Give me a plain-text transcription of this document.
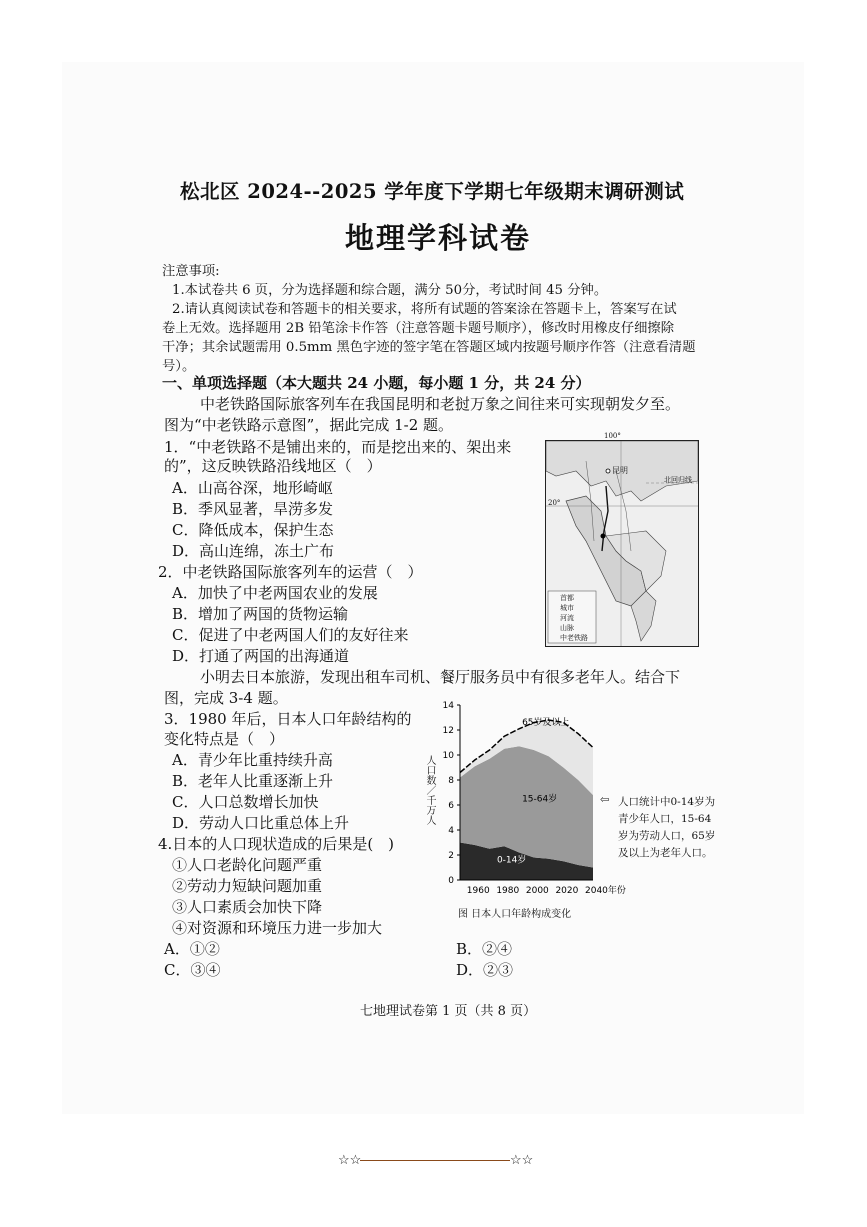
松北区 2024--2025 学年度下学期七年级期末调研测试
地理学科试卷
注意事项:
1.本试卷共 6 页，分为选择题和综合题，满分 50分，考试时间 45 分钟。
2.请认真阅读试卷和答题卡的相关要求，将所有试题的答案涂在答题卡上，答案写在试
卷上无效。选择题用 2B 铅笔涂卡作答（注意答题卡题号顺序），修改时用橡皮仔细擦除
干净；其余试题需用 0.5mm 黑色字迹的签字笔在答题区域内按题号顺序作答（注意看清题
号）。
一、单项选择题（本大题共 24 小题，每小题 1 分，共 24 分）
中老铁路国际旅客列车在我国昆明和老挝万象之间往来可实现朝发夕至。
图为“中老铁路示意图”，据此完成 1-2 题。
1．“中老铁路不是铺出来的，而是挖出来的、架出来
的”，这反映铁路沿线地区（　）
A．山高谷深，地形崎岖
B．季风显著，旱涝多发
C．降低成本，保护生态
D．高山连绵，冻土广布
2．中老铁路国际旅客列车的运营（　）
A．加快了中老两国农业的发展
B．增加了两国的货物运输
C．促进了中老两国人们的友好往来
D．打通了两国的出海通道
100°
20°
昆明
北回归线
首都
城市
河流
山脉
中老铁路
小明去日本旅游，发现出租车司机、餐厅服务员中有很多老年人。结合下
图，完成 3-4 题。
3．1980 年后，日本人口年龄结构的
变化特点是（　）
A．青少年比重持续升高
B．老年人比重逐渐上升
C．人口总数增长加快
D．劳动人口比重总体上升
4.日本的人口现状造成的后果是(　)
①人口老龄化问题严重
②劳动力短缺问题加重
③人口素质会加快下降
④对资源和环境压力进一步加大
A．①②	B．②④
C．③④	D．②③
0
2
4
6
8
10
12
14
1960 1980 2000 2020 2040年份
65岁及以上
15-64岁
0-14岁
人口数／千万人
图 日本人口年龄构成变化
⇦ 人口统计中0-14岁为青少年人口，15-64岁为劳动人口，65岁及以上为老年人口。
七地理试卷第 1 页（共 8 页）
☆☆	☆☆
